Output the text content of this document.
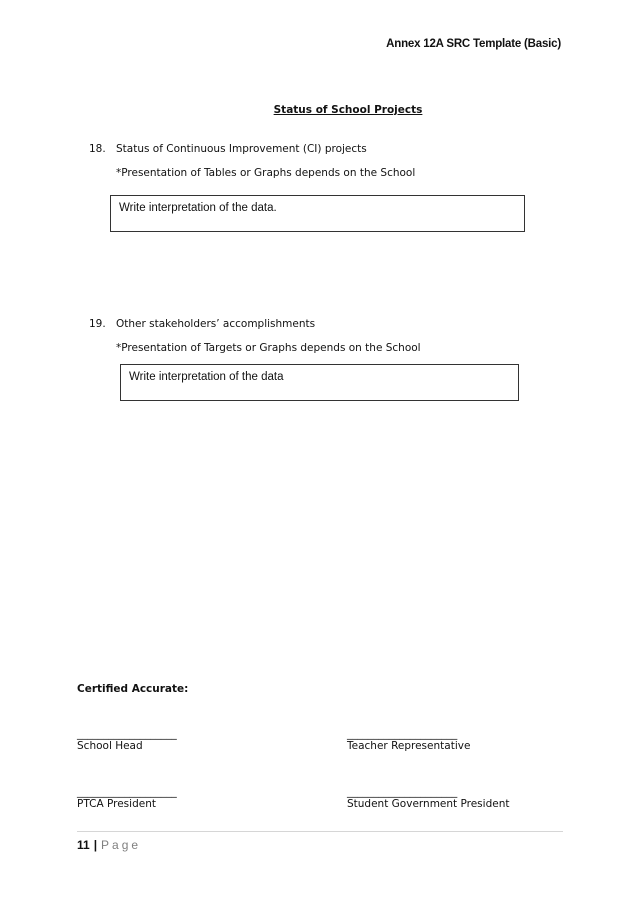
Annex 12A SRC Template (Basic)
Status of School Projects
18. Status of Continuous Improvement (CI) projects
*Presentation of Tables or Graphs depends on the School
Write interpretation of the data.
19. Other stakeholders’ accomplishments
*Presentation of Targets or Graphs depends on the School
Write interpretation of the data
Certified Accurate:
___________________
School Head
_____________________
Teacher Representative
___________________
PTCA President
_____________________
Student Government President
11 | Page
